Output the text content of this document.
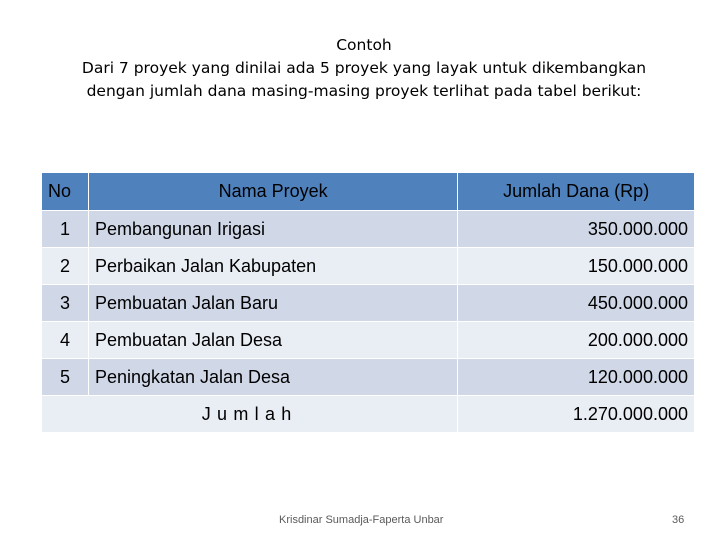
Contoh
Dari 7 proyek yang dinilai ada 5 proyek yang layak untuk dikembangkan
dengan jumlah dana masing-masing proyek terlihat pada tabel berikut:
No	Nama Proyek	Jumlah Dana (Rp)
1	Pembangunan Irigasi	350.000.000
2	Perbaikan Jalan Kabupaten	150.000.000
3	Pembuatan Jalan Baru	450.000.000
4	Pembuatan Jalan Desa	200.000.000
5	Peningkatan Jalan Desa	120.000.000
Jumlah		1.270.000.000
Krisdinar Sumadja-Faperta Unbar	36
